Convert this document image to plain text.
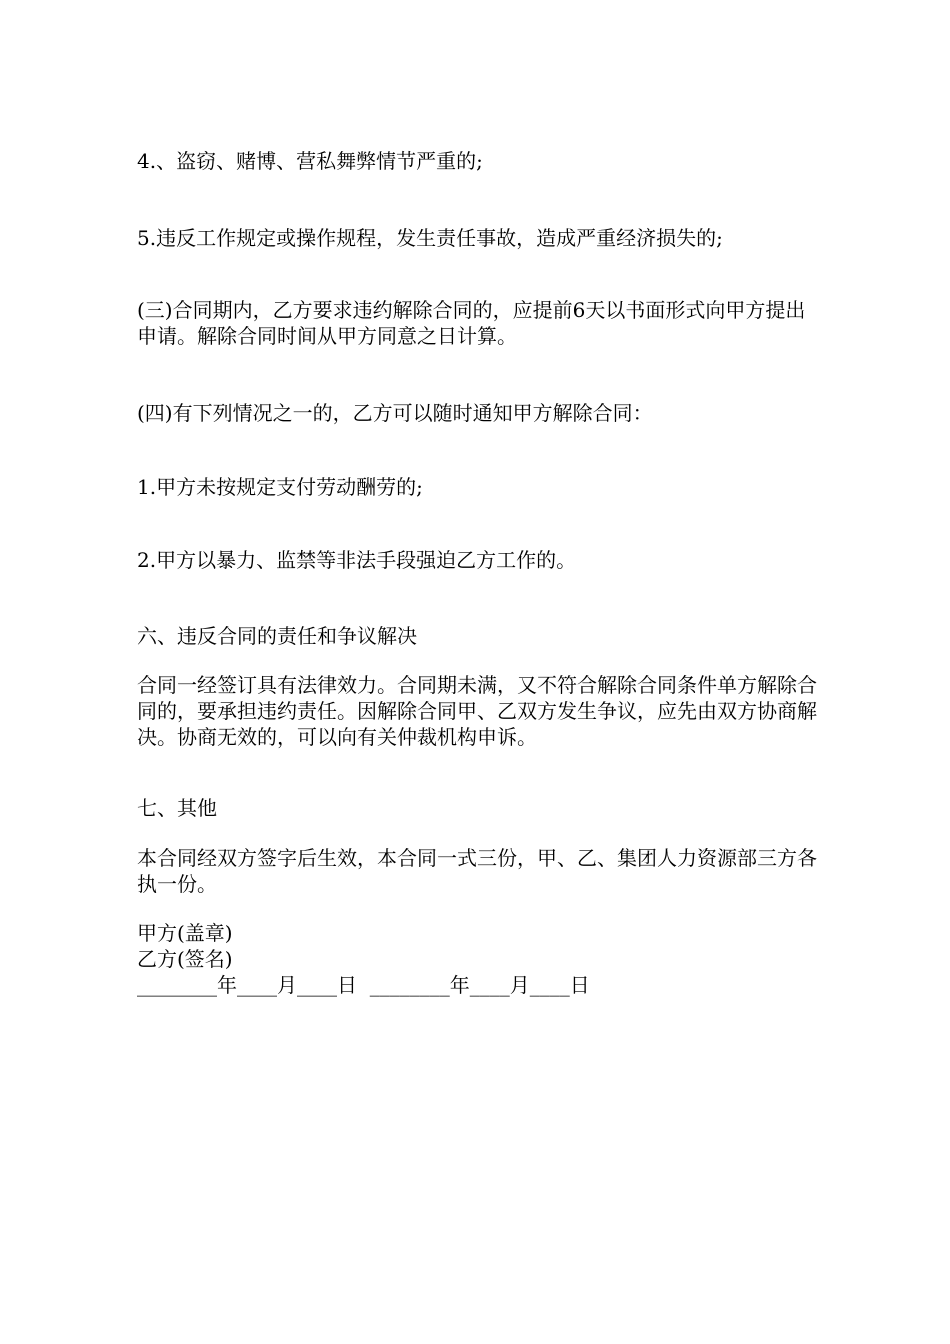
4.、盗窃、赌博、营私舞弊情节严重的;

5.违反工作规定或操作规程，发生责任事故，造成严重经济损失的;

(三)合同期内，乙方要求违约解除合同的，应提前6天以书面形式向甲方提出申请。解除合同时间从甲方同意之日计算。

(四)有下列情况之一的，乙方可以随时通知甲方解除合同：

1.甲方未按规定支付劳动酬劳的;

2.甲方以暴力、监禁等非法手段强迫乙方工作的。

六、违反合同的责任和争议解决

合同一经签订具有法律效力。合同期未满，又不符合解除合同条件单方解除合同的，要承担违约责任。因解除合同甲、乙双方发生争议，应先由双方协商解决。协商无效的，可以向有关仲裁机构申诉。

七、其他

本合同经双方签字后生效，本合同一式三份，甲、乙、集团人力资源部三方各执一份。

甲方(盖章)
乙方(签名)
________年____月____日  ________年____月____日
